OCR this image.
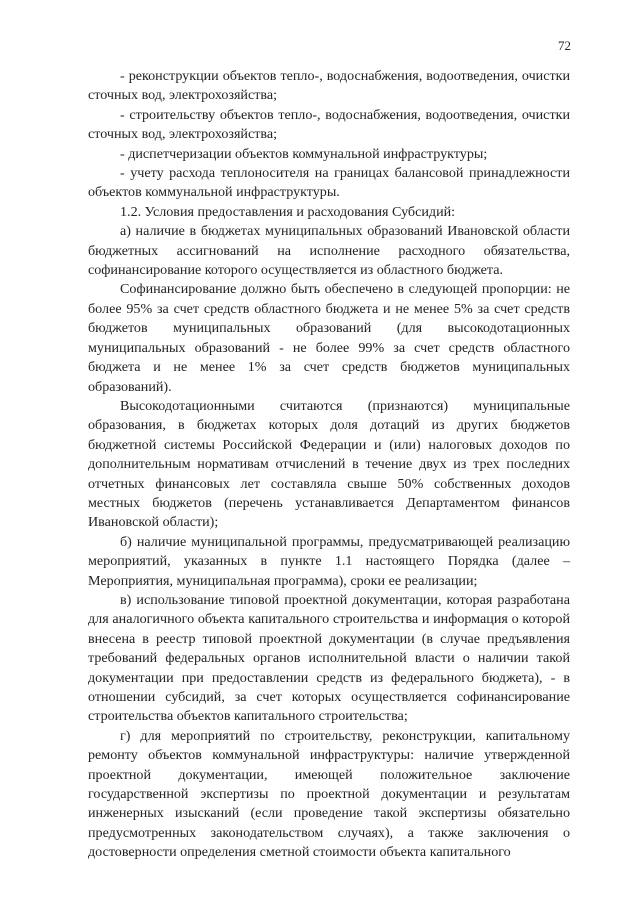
72

- реконструкции объектов тепло-, водоснабжения, водоотведения, очистки сточных вод, электрохозяйства;

- строительству объектов тепло-, водоснабжения, водоотведения, очистки сточных вод, электрохозяйства;

- диспетчеризации объектов коммунальной инфраструктуры;

- учету расхода теплоносителя на границах балансовой принадлежности объектов коммунальной инфраструктуры.

1.2. Условия предоставления и расходования Субсидий:

а) наличие в бюджетах муниципальных образований Ивановской области бюджетных ассигнований на исполнение расходного обязательства, софинансирование которого осуществляется из областного бюджета.

Софинансирование должно быть обеспечено в следующей пропорции: не более 95% за счет средств областного бюджета и не менее 5% за счет средств бюджетов муниципальных образований (для высокодотационных муниципальных образований - не более 99% за счет средств областного бюджета и не менее 1% за счет средств бюджетов муниципальных образований).

Высокодотационными считаются (признаются) муниципальные образования, в бюджетах которых доля дотаций из других бюджетов бюджетной системы Российской Федерации и (или) налоговых доходов по дополнительным нормативам отчислений в течение двух из трех последних отчетных финансовых лет составляла свыше 50% собственных доходов местных бюджетов (перечень устанавливается Департаментом финансов Ивановской области);

б) наличие муниципальной программы, предусматривающей реализацию мероприятий, указанных в пункте 1.1 настоящего Порядка (далее – Мероприятия, муниципальная программа), сроки ее реализации;

в) использование типовой проектной документации, которая разработана для аналогичного объекта капитального строительства и информация о которой внесена в реестр типовой проектной документации (в случае предъявления требований федеральных органов исполнительной власти о наличии такой документации при предоставлении средств из федерального бюджета), - в отношении субсидий, за счет которых осуществляется софинансирование строительства объектов капитального строительства;

г) для мероприятий по строительству, реконструкции, капитальному ремонту объектов коммунальной инфраструктуры: наличие утвержденной проектной документации, имеющей положительное заключение государственной экспертизы по проектной документации и результатам инженерных изысканий (если проведение такой экспертизы обязательно предусмотренных законодательством случаях), а также заключения о достоверности определения сметной стоимости объекта капитального
